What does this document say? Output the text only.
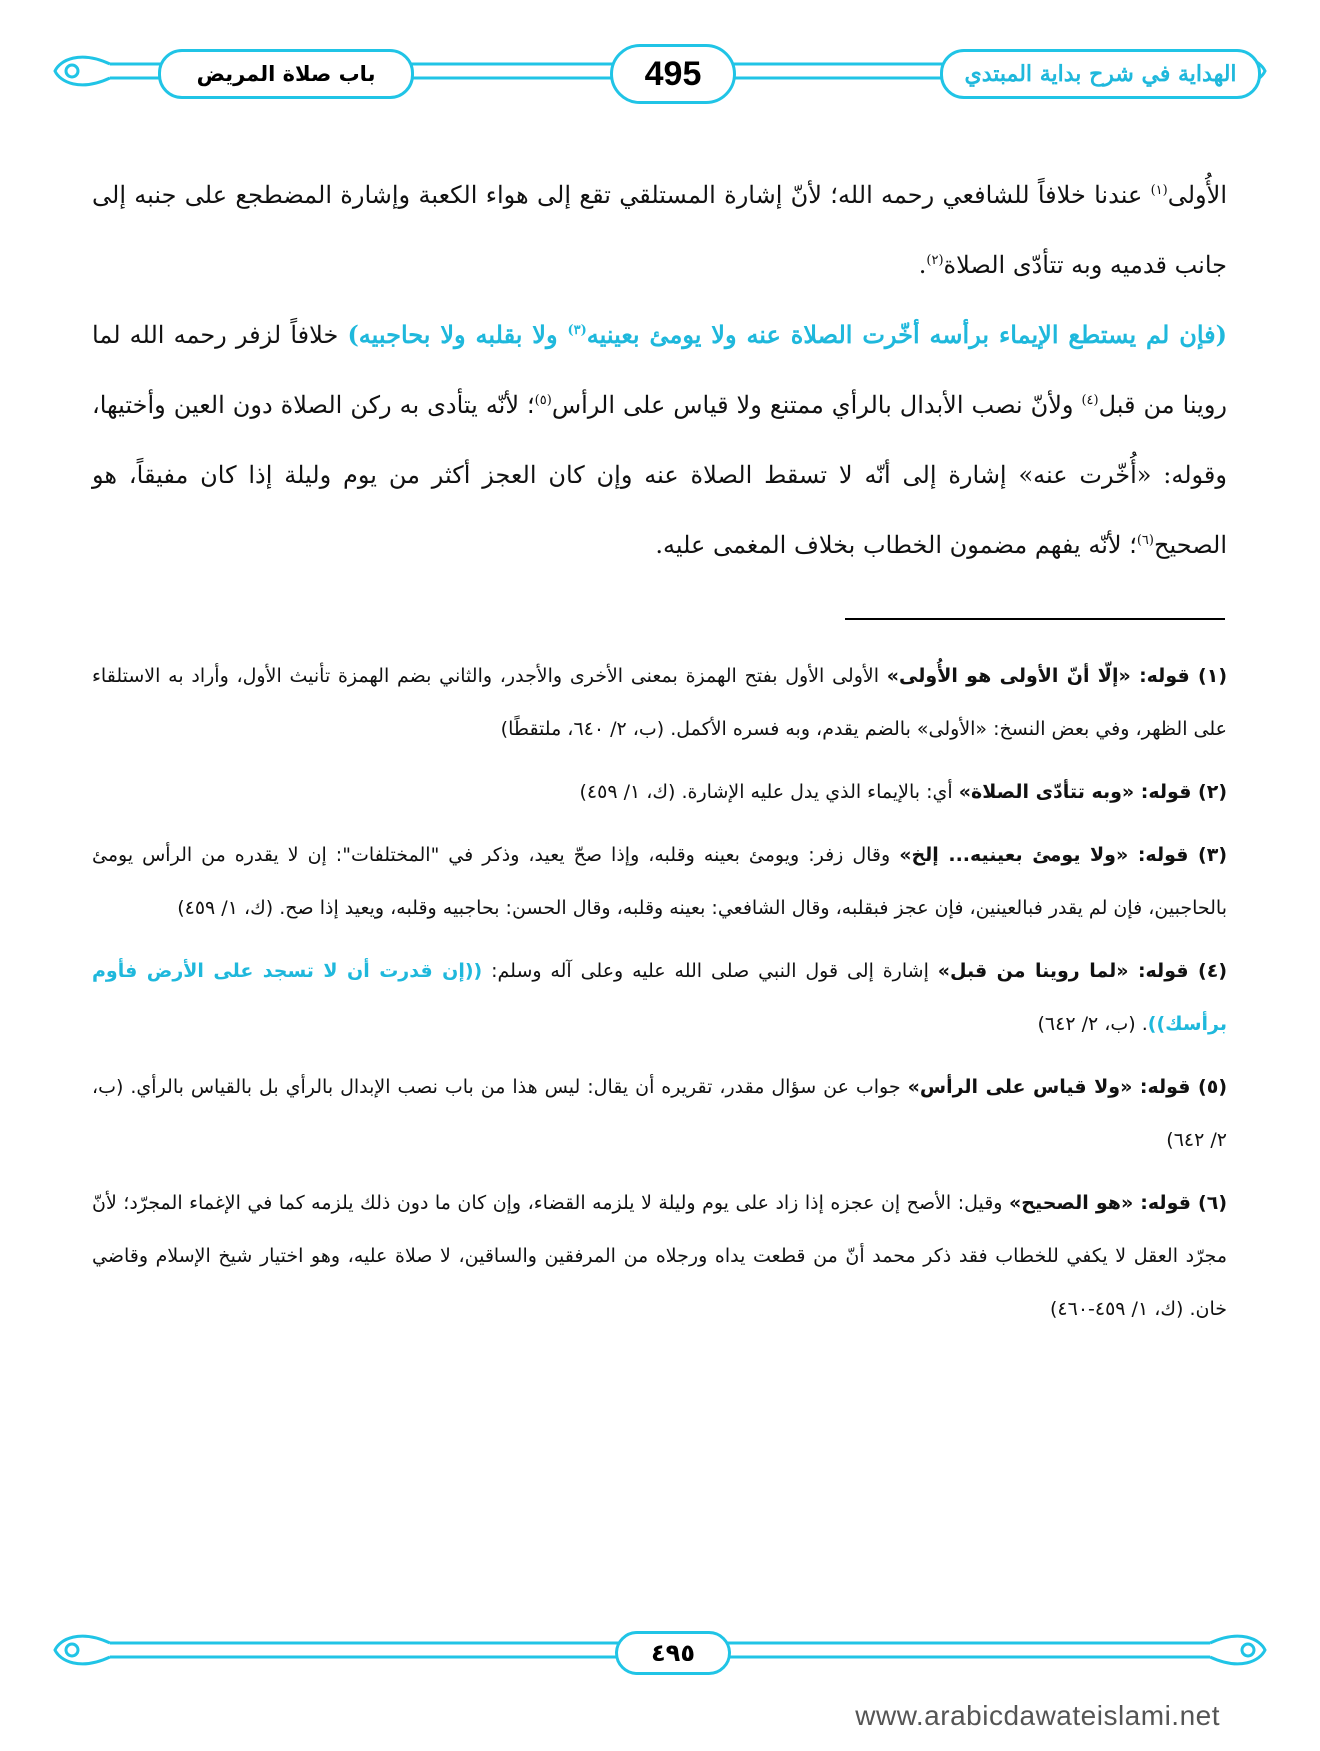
باب صلاة المريض	495	الهداية في شرح بداية المبتدي

الأُولى$^{(١)}$ عندنا خلافاً للشافعي رحمه الله؛ لأنّ إشارة المستلقي تقع إلى هواء الكعبة وإشارة المضطجع على جنبه إلى جانب قدميه وبه تتأدّى الصلاة$^{(٢)}$.

(فإن لم يستطع الإيماء برأسه أخّرت الصلاة عنه ولا يومئ بعينيه$^{(٣)}$ ولا بقلبه ولا بحاجبيه) خلافاً لزفر رحمه الله لما روينا من قبل$^{(٤)}$ ولأنّ نصب الأبدال بالرأي ممتنع ولا قياس على الرأس$^{(٥)}$؛ لأنّه يتأدى به ركن الصلاة دون العين وأختيها، وقوله: «أُخّرت عنه» إشارة إلى أنّه لا تسقط الصلاة عنه وإن كان العجز أكثر من يوم وليلة إذا كان مفيقاً، هو الصحيح$^{(٦)}$؛ لأنّه يفهم مضمون الخطاب بخلاف المغمى عليه.

(١) قوله: «إلّا أنّ الأولى هو الأُولى» الأولى الأول بفتح الهمزة بمعنى الأخرى والأجدر، والثاني بضم الهمزة تأنيث الأول، وأراد به الاستلقاء على الظهر، وفي بعض النسخ: «الأولى» بالضم يقدم، وبه فسره الأكمل. (ب، ٢/ ٦٤٠، ملتقطًا)

(٢) قوله: «وبه تتأدّى الصلاة» أي: بالإيماء الذي يدل عليه الإشارة. (ك، ١/ ٤٥٩)

(٣) قوله: «ولا يومئ بعينيه... إلخ» وقال زفر: ويومئ بعينه وقلبه، وإذا صحّ يعيد، وذكر في "المختلفات": إن لا يقدره من الرأس يومئ بالحاجبين، فإن لم يقدر فبالعينين، فإن عجز فبقلبه، وقال الشافعي: بعينه وقلبه، وقال الحسن: بحاجبيه وقلبه، ويعيد إذا صح. (ك، ١/ ٤٥٩)

(٤) قوله: «لما روينا من قبل» إشارة إلى قول النبي صلى الله عليه وعلى آله وسلم: ((إن قدرت أن لا تسجد على الأرض فأوم برأسك)). (ب، ٢/ ٦٤٢)

(٥) قوله: «ولا قياس على الرأس» جواب عن سؤال مقدر، تقريره أن يقال: ليس هذا من باب نصب الإبدال بالرأي بل بالقياس بالرأي. (ب، ٢/ ٦٤٢)

(٦) قوله: «هو الصحيح» وقيل: الأصح إن عجزه إذا زاد على يوم وليلة لا يلزمه القضاء، وإن كان ما دون ذلك يلزمه كما في الإغماء المجرّد؛ لأنّ مجرّد العقل لا يكفي للخطاب فقد ذكر محمد أنّ من قطعت يداه ورجلاه من المرفقين والساقين، لا صلاة عليه، وهو اختيار شيخ الإسلام وقاضي خان. (ك، ١/ ٤٥٩-٤٦٠)

٤٩٥
www.arabicdawateislami.net
